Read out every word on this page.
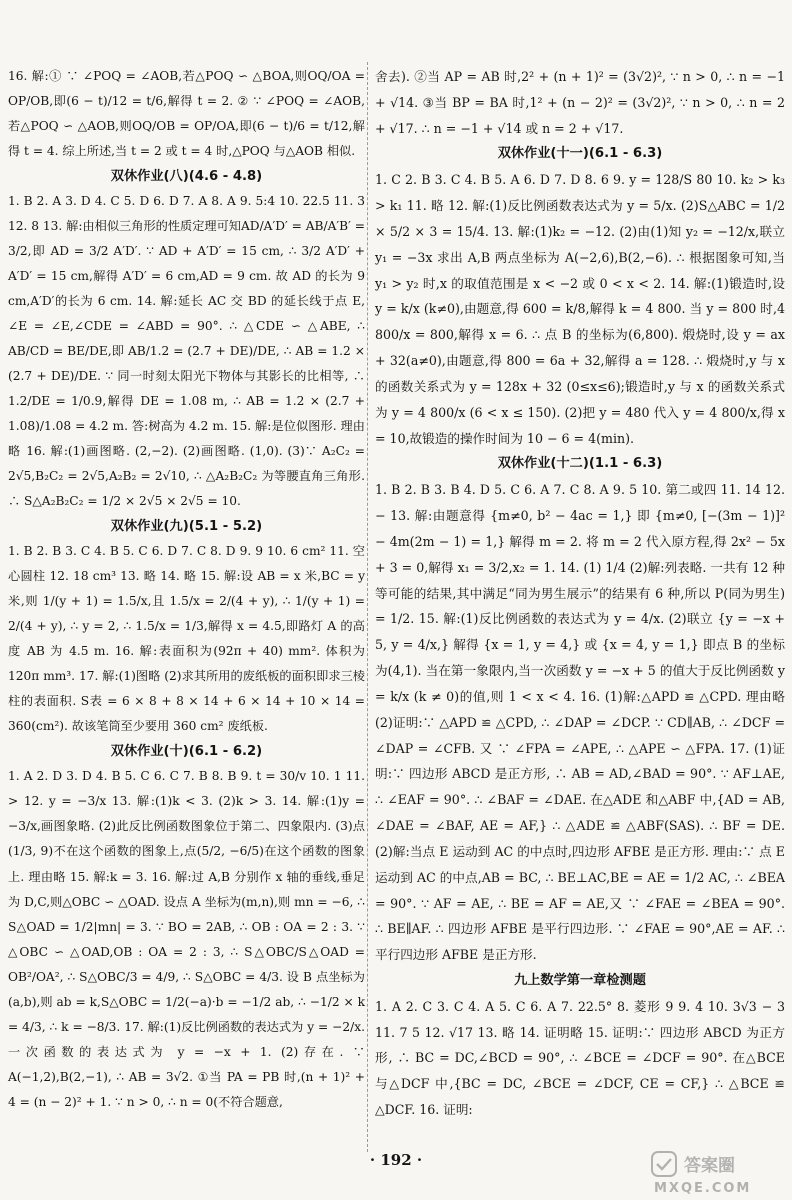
16. 解:① ∵ ∠POQ = ∠AOB,若△POQ ∽ △BOA,则OQ/OA = OP/OB,即(6 − t)/12 = t/6,解得 t = 2. ② ∵ ∠POQ = ∠AOB,若△POQ ∽ △AOB,则OQ/OB = OP/OA,即(6 − t)/6 = t/12,解得 t = 4. 综上所述,当 t = 2 或 t = 4 时,△POQ 与△AOB 相似.

双休作业(八)(4.6 - 4.8)

1. B 2. A 3. D 4. C 5. D 6. D 7. A 8. A 9. 5:4 10. 22.5 11. 3 12. 8 13. 解:由相似三角形的性质定理可知AD/A′D′ = AB/A′B′ = 3/2,即 AD = 3/2 A′D′. ∵ AD + A′D′ = 15 cm, ∴ 3/2 A′D′ + A′D′ = 15 cm,解得 A′D′ = 6 cm,AD = 9 cm. 故 AD 的长为 9 cm,A′D′的长为 6 cm. 14. 解:延长 AC 交 BD 的延长线于点 E, ∠E = ∠E,∠CDE = ∠ABD = 90°. ∴ △CDE ∽ △ABE, ∴ AB/CD = BE/DE,即 AB/1.2 = (2.7 + DE)/DE, ∴ AB = 1.2 × (2.7 + DE)/DE. ∵ 同一时刻太阳光下物体与其影长的比相等, ∴ 1.2/DE = 1/0.9,解得 DE = 1.08 m, ∴ AB = 1.2 × (2.7 + 1.08)/1.08 = 4.2 m. 答:树高为 4.2 m. 15. 解:是位似图形. 理由略 16. 解:(1)画图略. (2,−2). (2)画图略. (1,0). (3)∵ A₂C₂ = 2√5,B₂C₂ = 2√5,A₂B₂ = 2√10, ∴ △A₂B₂C₂ 为等腰直角三角形. ∴ S△A₂B₂C₂ = 1/2 × 2√5 × 2√5 = 10.

双休作业(九)(5.1 - 5.2)

1. B 2. B 3. C 4. B 5. C 6. D 7. C 8. D 9. 9 10. 6 cm² 11. 空心圆柱 12. 18 cm³ 13. 略 14. 略 15. 解:设 AB = x 米,BC = y 米,则 1/(y + 1) = 1.5/x,且 1.5/x = 2/(4 + y), ∴ 1/(y + 1) = 2/(4 + y), ∴ y = 2, ∴ 1.5/x = 1/3,解得 x = 4.5,即路灯 A 的高度 AB 为 4.5 m. 16. 解:表面积为(92π + 40) mm². 体积为 120π mm³. 17. 解:(1)图略 (2)求其所用的废纸板的面积即求三棱柱的表面积. S表 = 6 × 8 + 8 × 14 + 6 × 14 + 10 × 14 = 360(cm²). 故该笔筒至少要用 360 cm² 废纸板.

双休作业(十)(6.1 - 6.2)

1. A 2. D 3. D 4. B 5. C 6. C 7. B 8. B 9. t = 30/v 10. 1 11. > 12. y = −3/x 13. 解:(1)k < 3. (2)k > 3. 14. 解:(1)y = −3/x,画图象略. (2)此反比例函数图象位于第二、四象限内. (3)点(1/3, 9)不在这个函数的图象上,点(5/2, −6/5)在这个函数的图象上. 理由略 15. 解:k = 3. 16. 解:过 A,B 分别作 x 轴的垂线,垂足为 D,C,则△OBC ∽ △OAD. 设点 A 坐标为(m,n),则 mn = −6, ∴ S△OAD = 1/2|mn| = 3. ∵ BO = 2AB, ∴ OB : OA = 2 : 3. ∵ △OBC ∽ △OAD,OB : OA = 2 : 3, ∴ S△OBC/S△OAD = OB²/OA², ∴ S△OBC/3 = 4/9, ∴ S△OBC = 4/3. 设 B 点坐标为(a,b),则 ab = k,S△OBC = 1/2(−a)·b = −1/2 ab, ∴ −1/2 × k = 4/3, ∴ k = −8/3. 17. 解:(1)反比例函数的表达式为 y = −2/x. 一次函数的表达式为 y = −x + 1. (2)存在. ∵ A(−1,2),B(2,−1), ∴ AB = 3√2. ①当 PA = PB 时,(n + 1)² + 4 = (n − 2)² + 1. ∵ n > 0, ∴ n = 0(不符合题意,

舍去). ②当 AP = AB 时,2² + (n + 1)² = (3√2)², ∵ n > 0, ∴ n = −1 + √14. ③当 BP = BA 时,1² + (n − 2)² = (3√2)², ∵ n > 0, ∴ n = 2 + √17. ∴ n = −1 + √14 或 n = 2 + √17.

双休作业(十一)(6.1 - 6.3)

1. C 2. B 3. C 4. B 5. A 6. D 7. D 8. 6 9. y = 128/S 80 10. k₂ > k₃ > k₁ 11. 略 12. 解:(1)反比例函数表达式为 y = 5/x. (2)S△ABC = 1/2 × 5/2 × 3 = 15/4. 13. 解:(1)k₂ = −12. (2)由(1)知 y₂ = −12/x,联立 y₁ = −3x 求出 A,B 两点坐标为 A(−2,6),B(2,−6). ∴ 根据图象可知,当 y₁ > y₂ 时,x 的取值范围是 x < −2 或 0 < x < 2. 14. 解:(1)锻造时,设 y = k/x (k≠0),由题意,得 600 = k/8,解得 k = 4 800. 当 y = 800 时,4 800/x = 800,解得 x = 6. ∴ 点 B 的坐标为(6,800). 煅烧时,设 y = ax + 32(a≠0),由题意,得 800 = 6a + 32,解得 a = 128. ∴ 煅烧时,y 与 x 的函数关系式为 y = 128x + 32 (0≤x≤6);锻造时,y 与 x 的函数关系式为 y = 4 800/x (6 < x ≤ 150). (2)把 y = 480 代入 y = 4 800/x,得 x = 10,故锻造的操作时间为 10 − 6 = 4(min).

双休作业(十二)(1.1 - 6.3)

1. B 2. B 3. B 4. D 5. C 6. A 7. C 8. A 9. 5 10. 第二或四 11. 14 12. − 13. 解:由题意得 {m≠0, b² − 4ac = 1,} 即 {m≠0, [−(3m − 1)]² − 4m(2m − 1) = 1,} 解得 m = 2. 将 m = 2 代入原方程,得 2x² − 5x + 3 = 0,解得 x₁ = 3/2,x₂ = 1. 14. (1) 1/4 (2)解:列表略. 一共有 12 种等可能的结果,其中满足“同为男生展示”的结果有 6 种,所以 P(同为男生) = 1/2. 15. 解:(1)反比例函数的表达式为 y = 4/x. (2)联立 {y = −x + 5, y = 4/x,} 解得 {x = 1, y = 4,} 或 {x = 4, y = 1,} 即点 B 的坐标为(4,1). 当在第一象限内,当一次函数 y = −x + 5 的值大于反比例函数 y = k/x (k ≠ 0)的值,则 1 < x < 4. 16. (1)解:△APD ≌ △CPD. 理由略 (2)证明:∵ △APD ≌ △CPD, ∴ ∠DAP = ∠DCP. ∵ CD∥AB, ∴ ∠DCF = ∠DAP = ∠CFB. 又 ∵ ∠FPA = ∠APE, ∴ △APE ∽ △FPA. 17. (1)证明:∵ 四边形 ABCD 是正方形, ∴ AB = AD,∠BAD = 90°. ∵ AF⊥AE, ∴ ∠EAF = 90°. ∴ ∠BAF = ∠DAE. 在△ADE 和△ABF 中,{AD = AB, ∠DAE = ∠BAF, AE = AF,} ∴ △ADE ≌ △ABF(SAS). ∴ BF = DE. (2)解:当点 E 运动到 AC 的中点时,四边形 AFBE 是正方形. 理由:∵ 点 E 运动到 AC 的中点,AB = BC, ∴ BE⊥AC,BE = AE = 1/2 AC, ∴ ∠BEA = 90°. ∵ AF = AE, ∴ BE = AF = AE,又 ∵ ∠FAE = ∠BEA = 90°. ∴ BE∥AF. ∴ 四边形 AFBE 是平行四边形. ∵ ∠FAE = 90°,AE = AF. ∴ 平行四边形 AFBE 是正方形.

九上数学第一章检测题

1. A 2. C 3. C 4. A 5. C 6. A 7. 22.5° 8. 菱形 9 9. 4 10. 3√3 − 3 11. 7 5 12. √17 13. 略 14. 证明略 15. 证明:∵ 四边形 ABCD 为正方形, ∴ BC = DC,∠BCD = 90°, ∴ ∠BCE = ∠DCF = 90°. 在△BCE 与△DCF 中,{BC = DC, ∠BCE = ∠DCF, CE = CF,} ∴ △BCE ≌ △DCF. 16. 证明:

· 192 ·	答案圈
MXQE.COM
